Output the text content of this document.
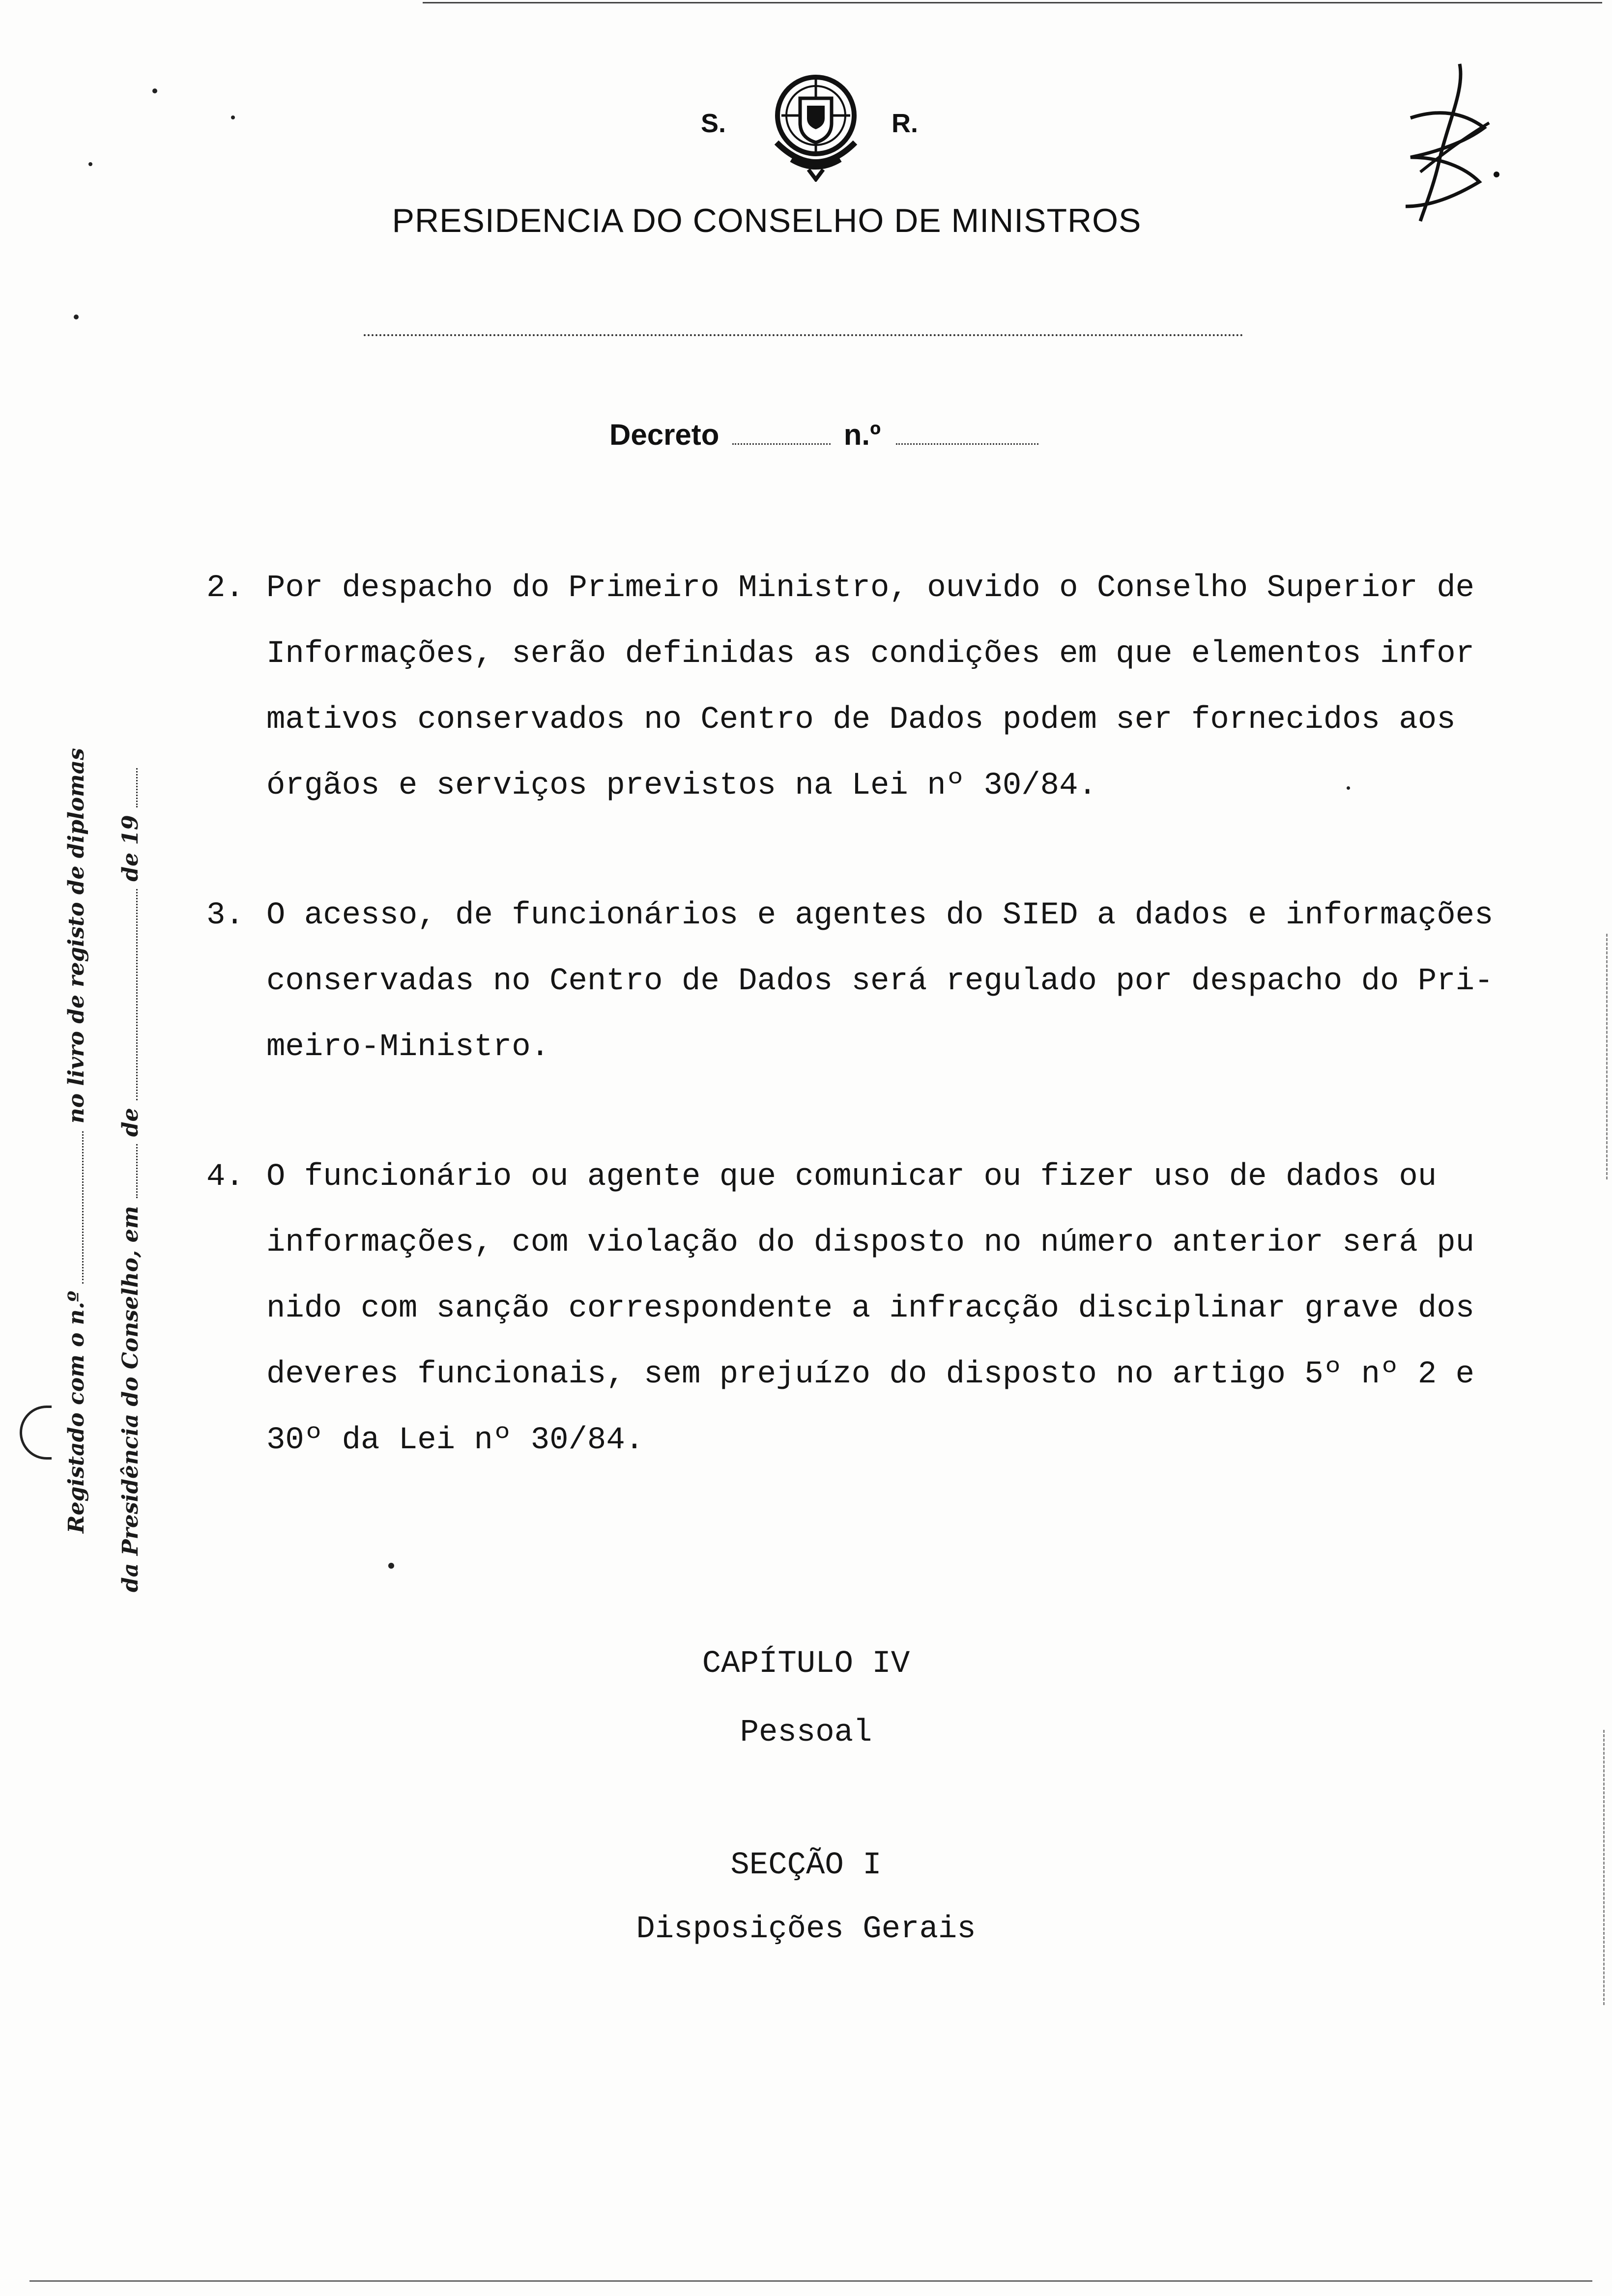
S.	R.
PRESIDENCIA DO CONSELHO DE MINISTROS
Decreto	n.º
Registado com o n.º  no livro de registo de diplomas
da Presidência do Conselho, em  de  de 19
2. Por despacho do Primeiro Ministro, ouvido o Conselho Superior de
Informações, serão definidas as condições em que elementos infor
mativos conservados no Centro de Dados podem ser fornecidos aos
órgãos e serviços previstos na Lei nº 30/84.
3. O acesso, de funcionários e agentes do SIED a dados e informações
conservadas no Centro de Dados será regulado por despacho do Pri-
meiro-Ministro.
4. O funcionário ou agente que comunicar ou fizer uso de dados ou
informações, com violação do disposto no número anterior será pu
nido com sanção correspondente a infracção disciplinar grave dos
deveres funcionais, sem prejuízo do disposto no artigo 5º nº 2 e
30º da Lei nº 30/84.
CAPÍTULO IV
Pessoal
SECÇÃO I
Disposições Gerais
